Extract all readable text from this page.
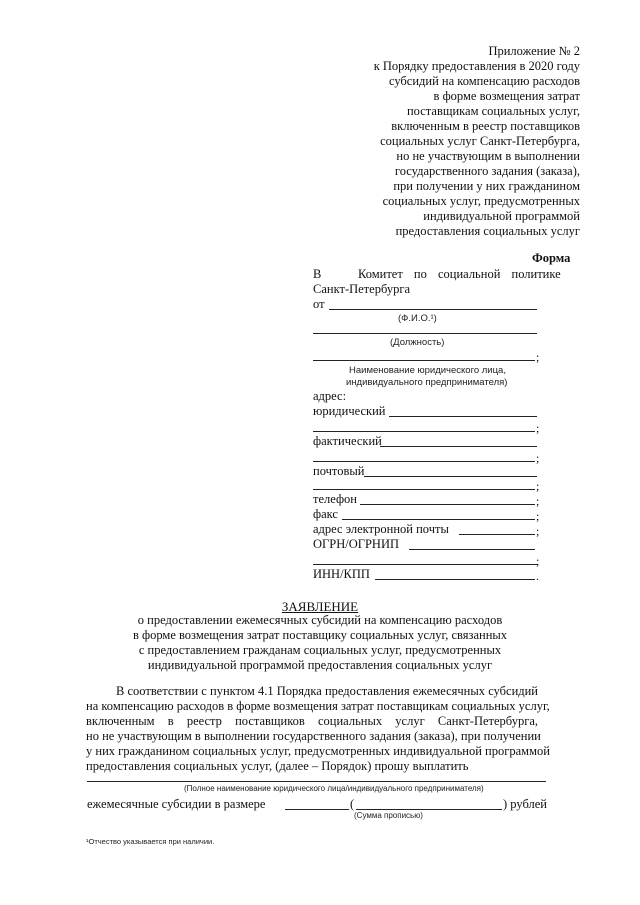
Приложение № 2
к Порядку предоставления в 2020 году
субсидий на компенсацию расходов
в форме возмещения затрат
поставщикам социальных услуг,
включенным в реестр поставщиков
социальных услуг Санкт-Петербурга,
но не участвующим в выполнении
государственного задания (заказа),
при получении у них гражданином
социальных услуг, предусмотренных
индивидуальной программой
предоставления социальных услуг
Форма
В	Комитет по социальной политике
Санкт-Петербурга
от
(Ф.И.О.¹)
(Должность)
;
Наименование юридического лица,
индивидуального предпринимателя)
адрес:
юридический
;
фактический
;
почтовый
;
телефон	;
факс	;
адрес электронной почты	;
ОГРН/ОГРНИП
;
ИНН/КПП	.
ЗАЯВЛЕНИЕ
о предоставлении ежемесячных субсидий на компенсацию расходов
в форме возмещения затрат поставщику социальных услуг, связанных
с предоставлением гражданам социальных услуг, предусмотренных
индивидуальной программой предоставления социальных услуг
В соответствии с пунктом 4.1 Порядка предоставления ежемесячных субсидий
на компенсацию расходов в форме возмещения затрат поставщикам социальных услуг,
включенным в реестр поставщиков социальных услуг Санкт-Петербурга,
но не участвующим в выполнении государственного задания (заказа), при получении
у них гражданином социальных услуг, предусмотренных индивидуальной программой
предоставления социальных услуг, (далее – Порядок) прошу выплатить
(Полное наименование юридического лица/индивидуального предпринимателя)
ежемесячные субсидии в размере	(	) рублей
(Сумма прописью)
¹Отчество указывается при наличии.
